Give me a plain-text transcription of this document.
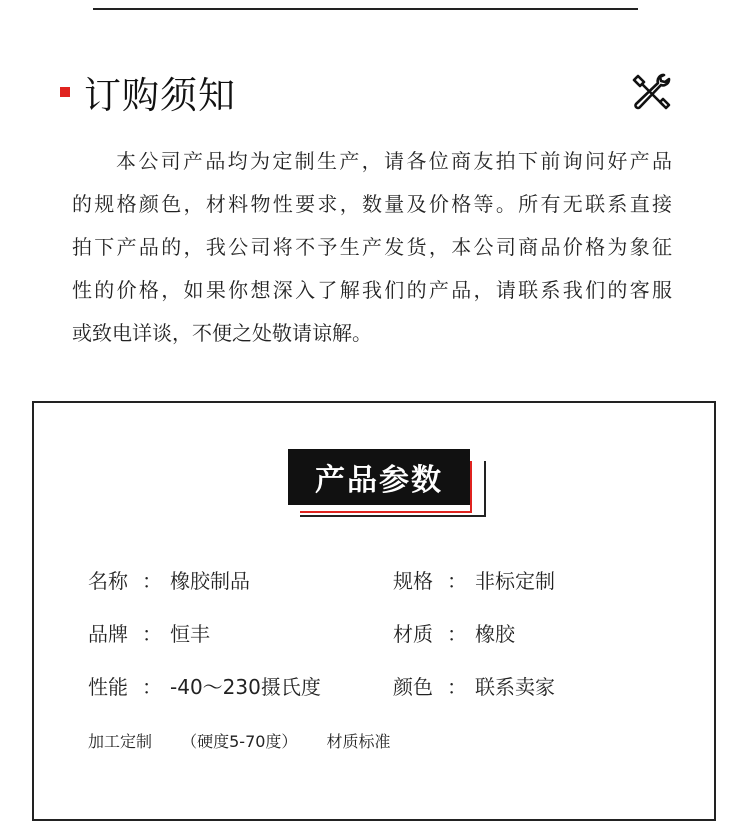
订购须知

本公司产品均为定制生产，请各位商友拍下前询问好产品
的规格颜色，材料物性要求，数量及价格等。所有无联系直接
拍下产品的，我公司将不予生产发货，本公司商品价格为象征
性的价格，如果你想深入了解我们的产品，请联系我们的客服
或致电详谈，不便之处敬请谅解。

产品参数
名称 ： 橡胶制品	规格 ： 非标定制
品牌 ： 恒丰	材质 ： 橡胶
性能 ： -40～230摄氏度	颜色 ： 联系卖家
加工定制 （硬度5-70度） 材质标准
